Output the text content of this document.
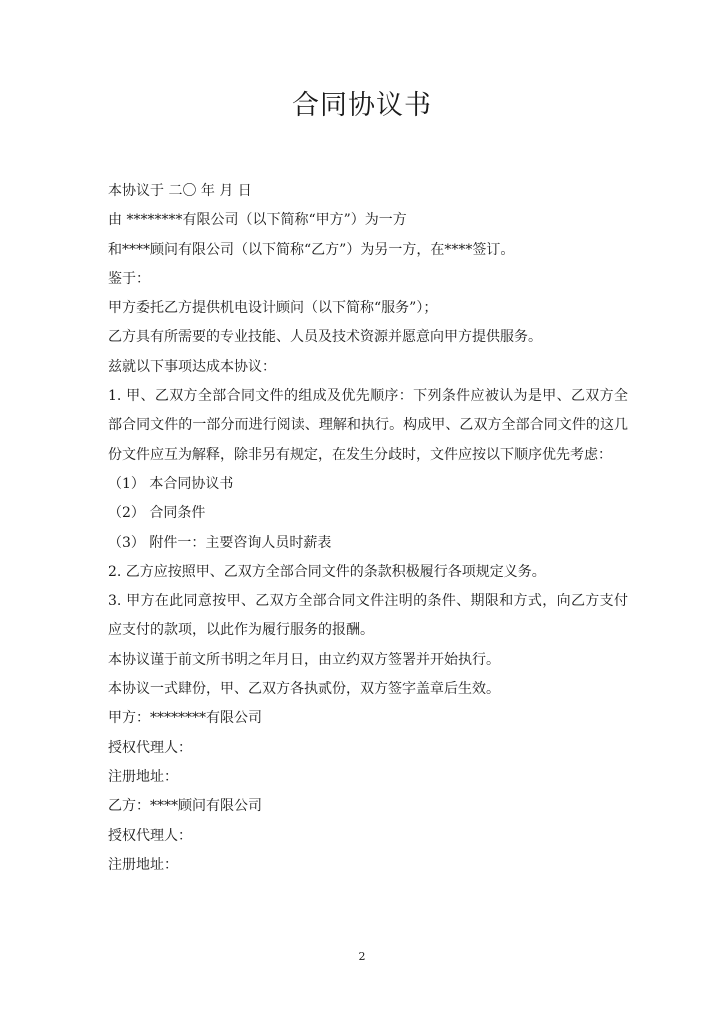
合同协议书
本协议于 二〇 年 月 日
由 ********有限公司（以下简称“甲方”）为一方
和****顾问有限公司（以下简称“乙方”）为另一方，在****签订。
鉴于：
甲方委托乙方提供机电设计顾问（以下简称“服务”）；
乙方具有所需要的专业技能、人员及技术资源并愿意向甲方提供服务。
兹就以下事项达成本协议：
1. 甲、乙双方全部合同文件的组成及优先顺序：下列条件应被认为是甲、乙双方全部合同文件的一部分而进行阅读、理解和执行。构成甲、乙双方全部合同文件的这几份文件应互为解释，除非另有规定，在发生分歧时，文件应按以下顺序优先考虑：
（1） 本合同协议书
（2） 合同条件
（3） 附件一：主要咨询人员时薪表
2. 乙方应按照甲、乙双方全部合同文件的条款积极履行各项规定义务。
3. 甲方在此同意按甲、乙双方全部合同文件注明的条件、期限和方式，向乙方支付应支付的款项，以此作为履行服务的报酬。
本协议谨于前文所书明之年月日，由立约双方签署并开始执行。
本协议一式肆份，甲、乙双方各执贰份，双方签字盖章后生效。
甲方：********有限公司
授权代理人：
注册地址：
乙方：****顾问有限公司
授权代理人：
注册地址：
2
